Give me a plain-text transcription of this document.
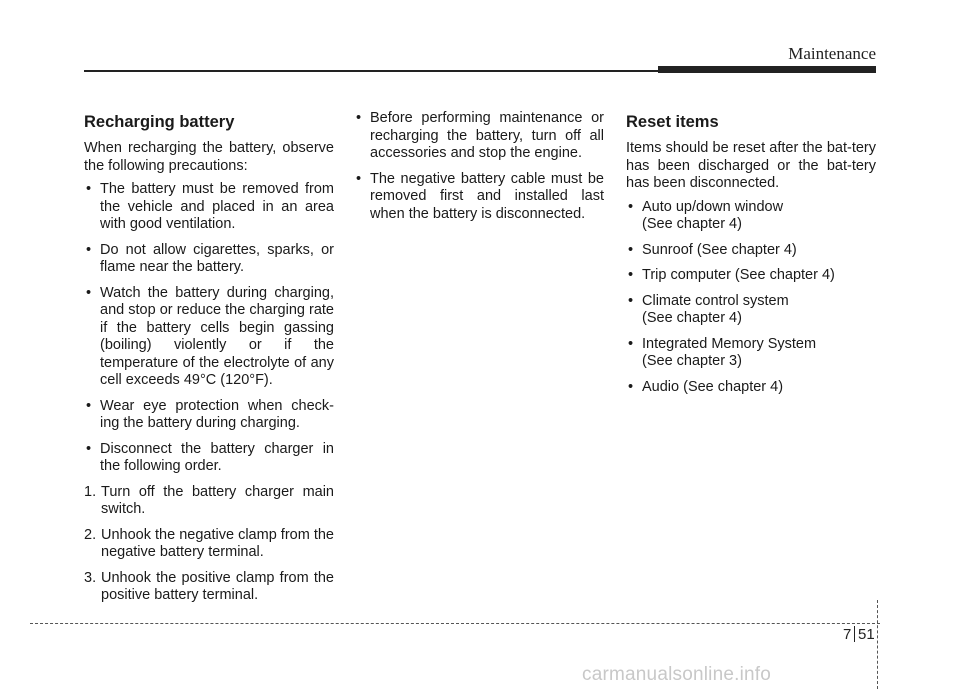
Maintenance
Recharging battery

When recharging the battery, observe the following precautions:

• The battery must be removed from the vehicle and placed in an area with good ventilation.
• Do not allow cigarettes, sparks, or flame near the battery.
• Watch the battery during charging, and stop or reduce the charging rate if the battery cells begin gassing (boiling) violently or if the temperature of the electrolyte of any cell exceeds 49°C (120°F).
• Wear eye protection when check-ing the battery during charging.
• Disconnect the battery charger in the following order.
1. Turn off the battery charger main switch.
2. Unhook the negative clamp from the negative battery terminal.
3. Unhook the positive clamp from the positive battery terminal.
• Before performing maintenance or recharging the battery, turn off all accessories and stop the engine.
• The negative battery cable must be removed first and installed last when the battery is disconnected.
Reset items

Items should be reset after the bat-tery has been discharged or the bat-tery has been disconnected.

• Auto up/down window
(See chapter 4)
• Sunroof (See chapter 4)
• Trip computer (See chapter 4)
• Climate control system
(See chapter 4)
• Integrated Memory System
(See chapter 3)
• Audio (See chapter 4)
7 51
carmanualsonline.info
